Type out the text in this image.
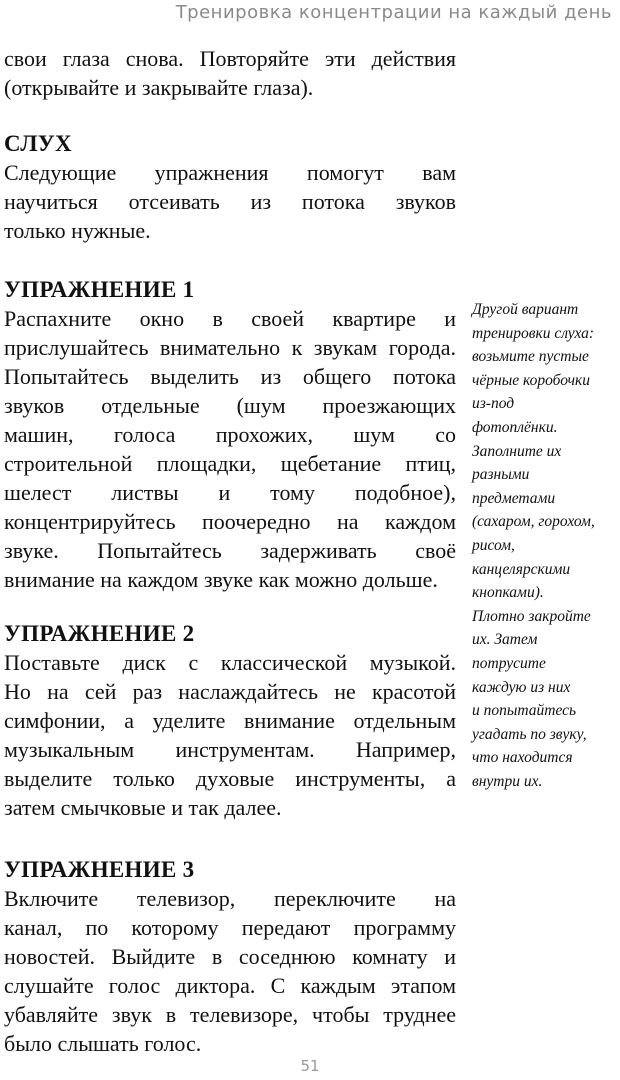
Тренировка концентрации на каждый день

свои глаза снова. Повторяйте эти действия
(открывайте и закрывайте глаза).

СЛУХ

Следующие упражнения помогут вам
научиться отсеивать из потока звуков
только нужные.

УПРАЖНЕНИЕ 1

Распахните окно в своей квартире и
прислушайтесь внимательно к звукам города.
Попытайтесь выделить из общего потока
звуков отдельные (шум проезжающих
машин, голоса прохожих, шум со
строительной площадки, щебетание птиц,
шелест листвы и тому подобное),
концентрируйтесь поочередно на каждом
звуке. Попытайтесь задерживать своё
внимание на каждом звуке как можно дольше.

УПРАЖНЕНИЕ 2

Поставьте диск с классической музыкой.
Но на сей раз наслаждайтесь не красотой
симфонии, а уделите внимание отдельным
музыкальным инструментам. Например,
выделите только духовые инструменты, а
затем смычковые и так далее.

УПРАЖНЕНИЕ 3

Включите телевизор, переключите на
канал, по которому передают программу
новостей. Выйдите в соседнюю комнату и
слушайте голос диктора. С каждым этапом
убавляйте звук в телевизоре, чтобы труднее
было слышать голос.

Другой вариант
тренировки слуха:
возьмите пустые
чёрные коробочки
из-под
фотоплёнки.
Заполните их
разными
предметами
(сахаром, горохом,
рисом,
канцелярскими
кнопками).
Плотно закройте
их. Затем
потрусите
каждую из них
и попытайтесь
угадать по звуку,
что находится
внутри их.
51
